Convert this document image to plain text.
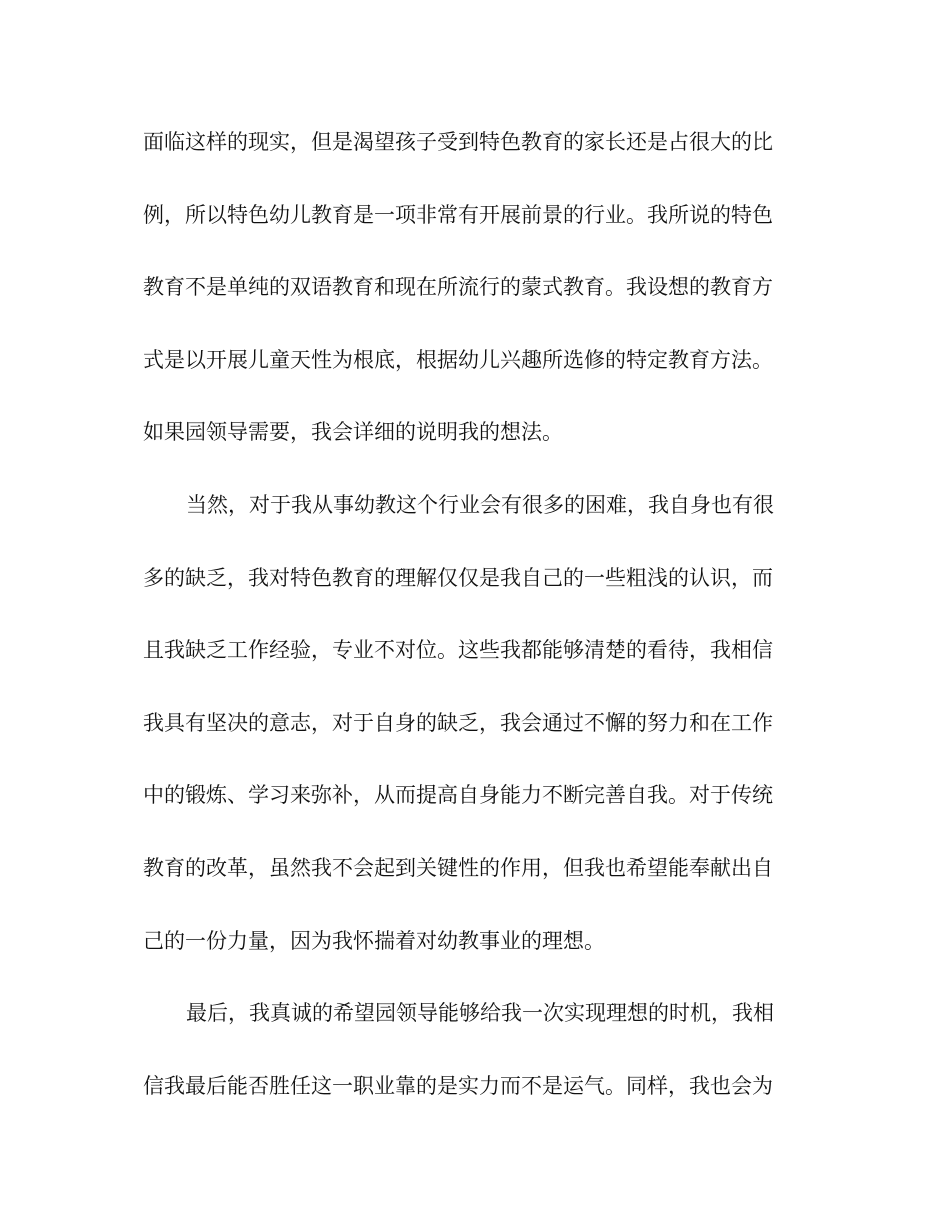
面临这样的现实，但是渴望孩子受到特色教育的家长还是占很大的比
例，所以特色幼儿教育是一项非常有开展前景的行业。我所说的特色
教育不是单纯的双语教育和现在所流行的蒙式教育。我设想的教育方
式是以开展儿童天性为根底，根据幼儿兴趣所选修的特定教育方法。
如果园领导需要，我会详细的说明我的想法。
当然，对于我从事幼教这个行业会有很多的困难，我自身也有很
多的缺乏，我对特色教育的理解仅仅是我自己的一些粗浅的认识，而
且我缺乏工作经验，专业不对位。这些我都能够清楚的看待，我相信
我具有坚决的意志，对于自身的缺乏，我会通过不懈的努力和在工作
中的锻炼、学习来弥补，从而提高自身能力不断完善自我。对于传统
教育的改革，虽然我不会起到关键性的作用，但我也希望能奉献出自
己的一份力量，因为我怀揣着对幼教事业的理想。
最后，我真诚的希望园领导能够给我一次实现理想的时机，我相
信我最后能否胜任这一职业靠的是实力而不是运气。同样，我也会为
